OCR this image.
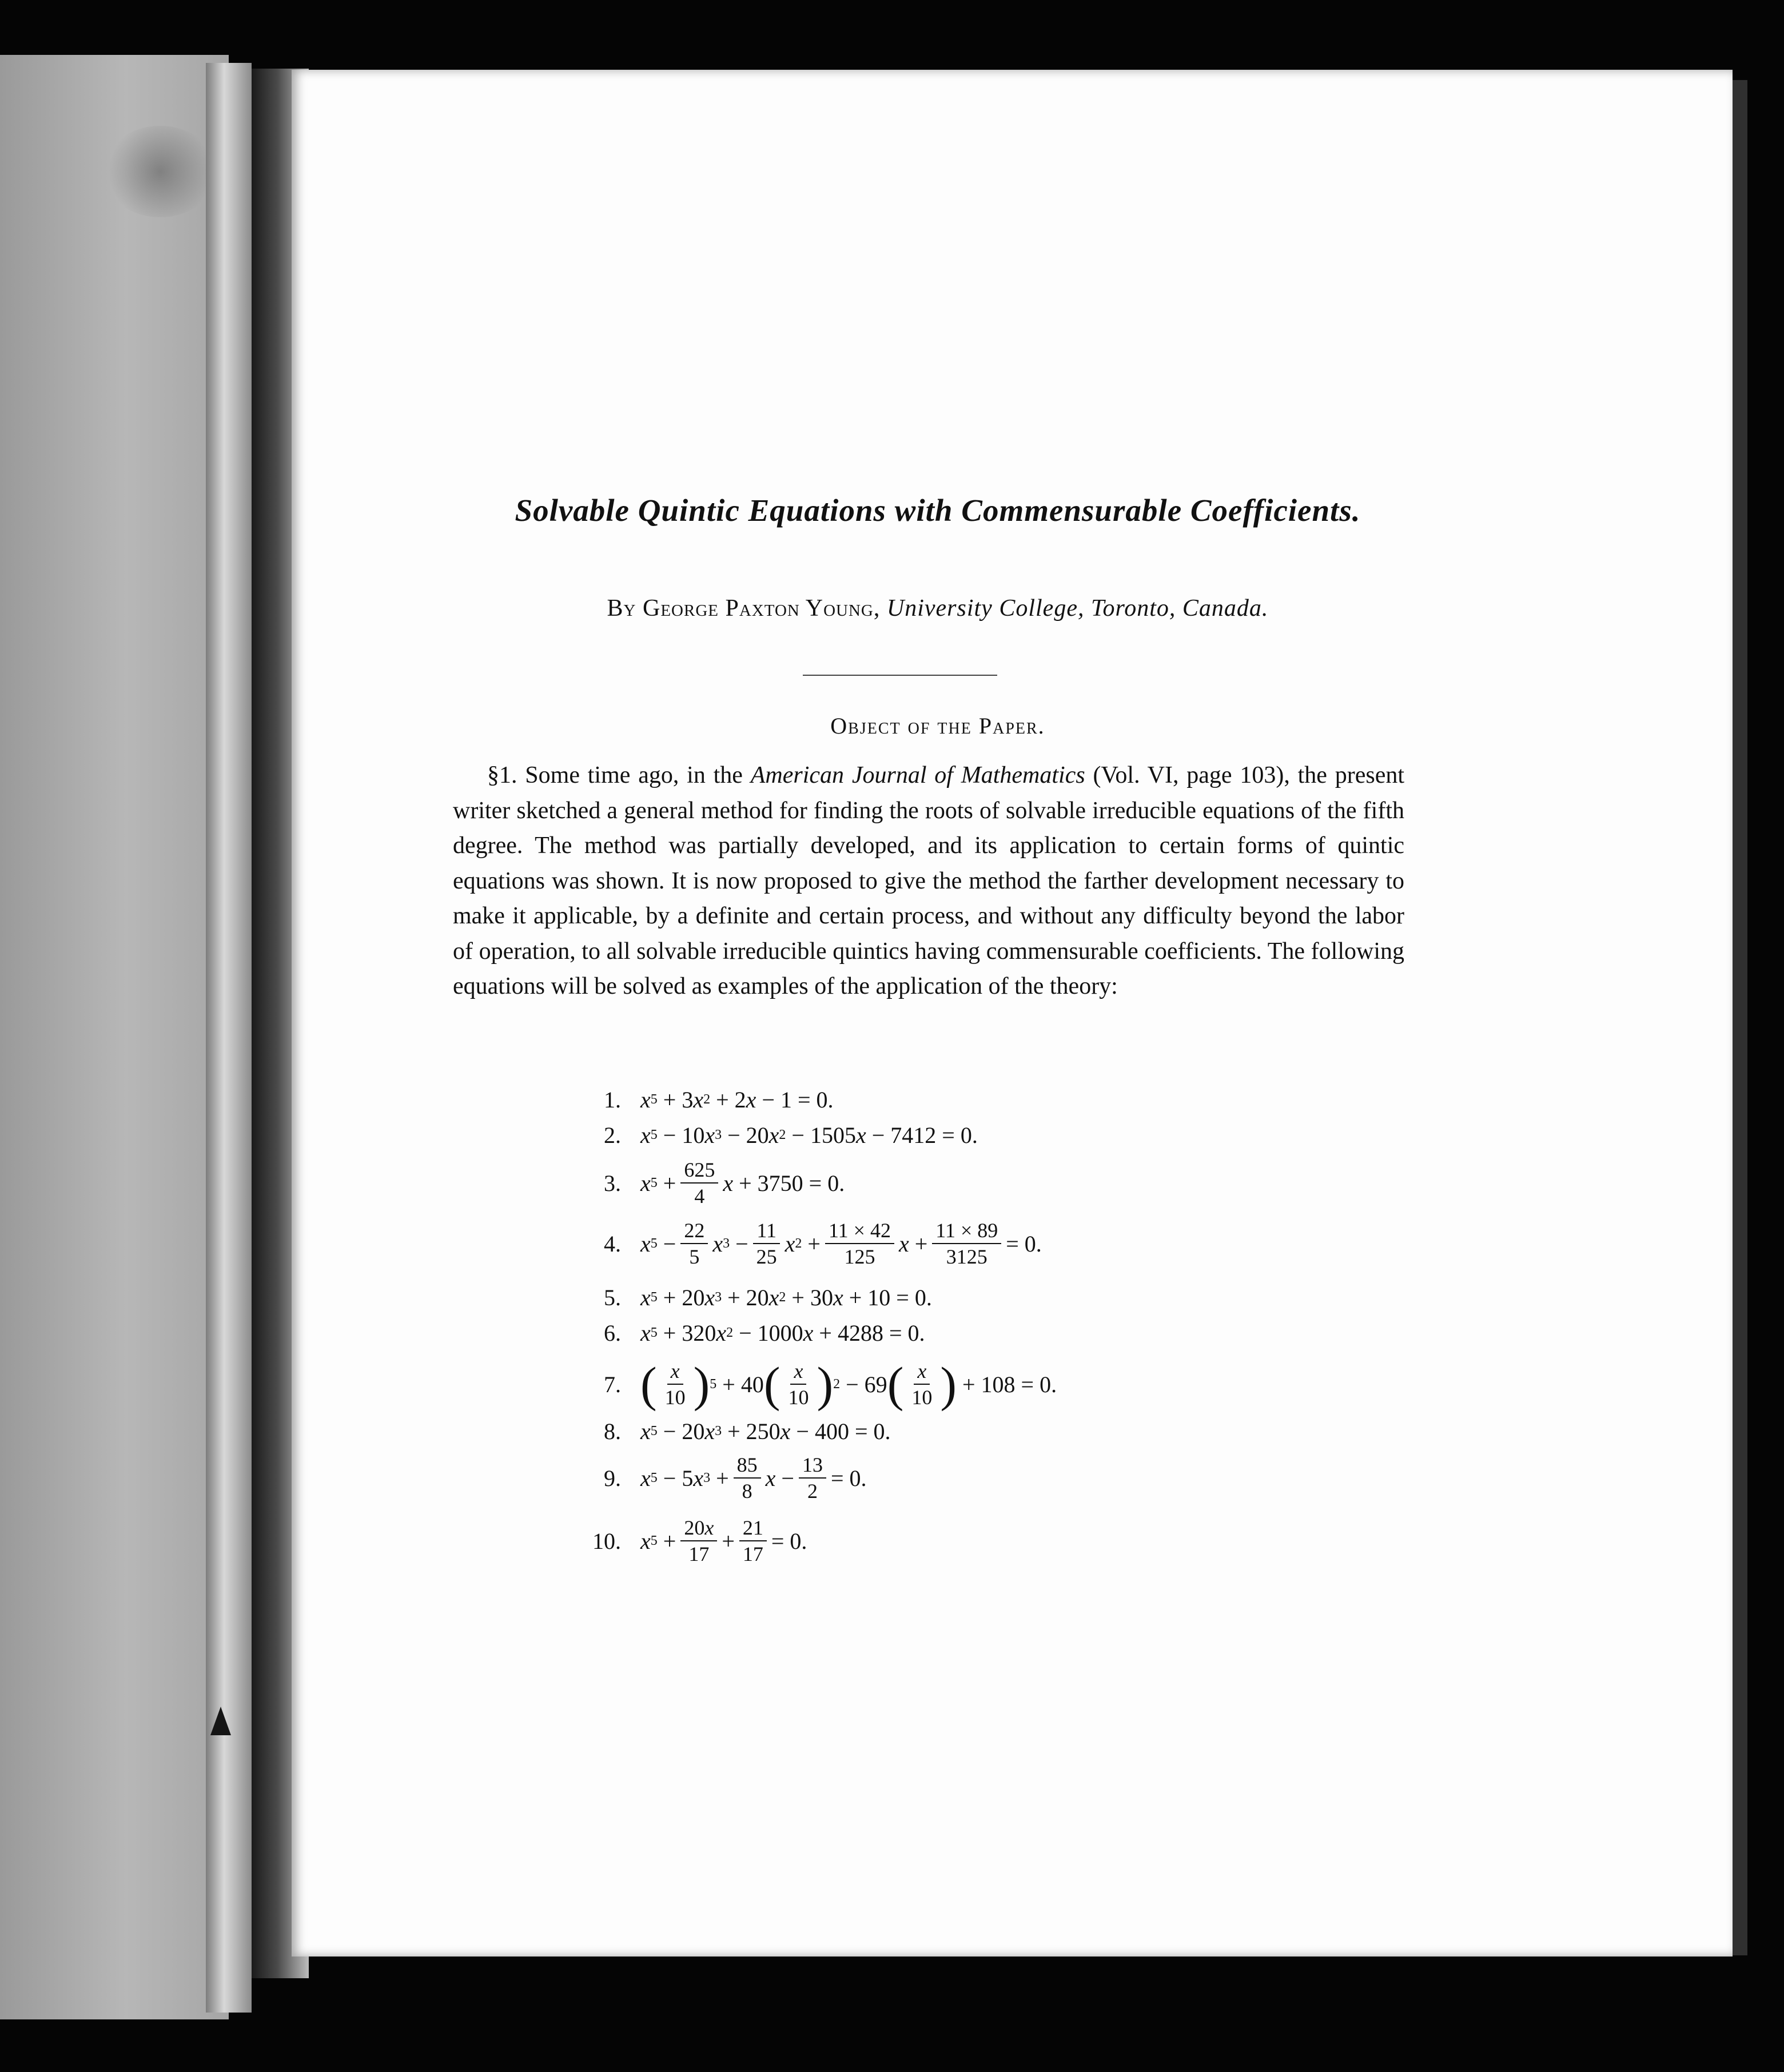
Solvable Quintic Equations with Commensurable Coefficients.
By George Paxton Young, University College, Toronto, Canada.
Object of the Paper.
§1. Some time ago, in the American Journal of Mathematics (Vol. VI, page 103), the present writer sketched a general method for finding the roots of solvable irreducible equations of the fifth degree. The method was partially developed, and its application to certain forms of quintic equations was shown. It is now proposed to give the method the farther development necessary to make it applicable, by a definite and certain process, and without any difficulty beyond the labor of operation, to all solvable irreducible quintics having commensurable coefficients. The following equations will be solved as examples of the application of the theory:
1. x 5 + 3 x 2 + 2 x − 1 = 0.
2. x 5 − 10 x 3 − 20 x 2 − 1505 x − 7412 = 0.
3. x $5 + \frac{625}{4}$ x + 3750 = 0.
4. x $5 - \frac{22}{5}$ x $3 - \frac{11}{25}$ x $2 + \frac{11 \times 42}{125}$ $x + \frac{11 \times 89}{3125} = 0$.
5. x 5 + 20 x 3 + 20 x 2 + 30 x + 10 = 0.
6. x 5 + 320 x 2 − 1000 x + 4288 = 0.
7. ( $\frac{x}{10}$ ) 5 + 40 ( $\frac{x}{10}$ ) 2 − 69 ( $\frac{x}{10}$ ) + 108 = 0.
8. x 5 − 20 x 3 + 250 x − 400 = 0.
9. x 5 − 5 x $3 + \frac{85}{8}$ $x - \frac{13}{2} = 0$.
10. x $5 + \frac{20x}{17} + \frac{21}{17} = 0$.
